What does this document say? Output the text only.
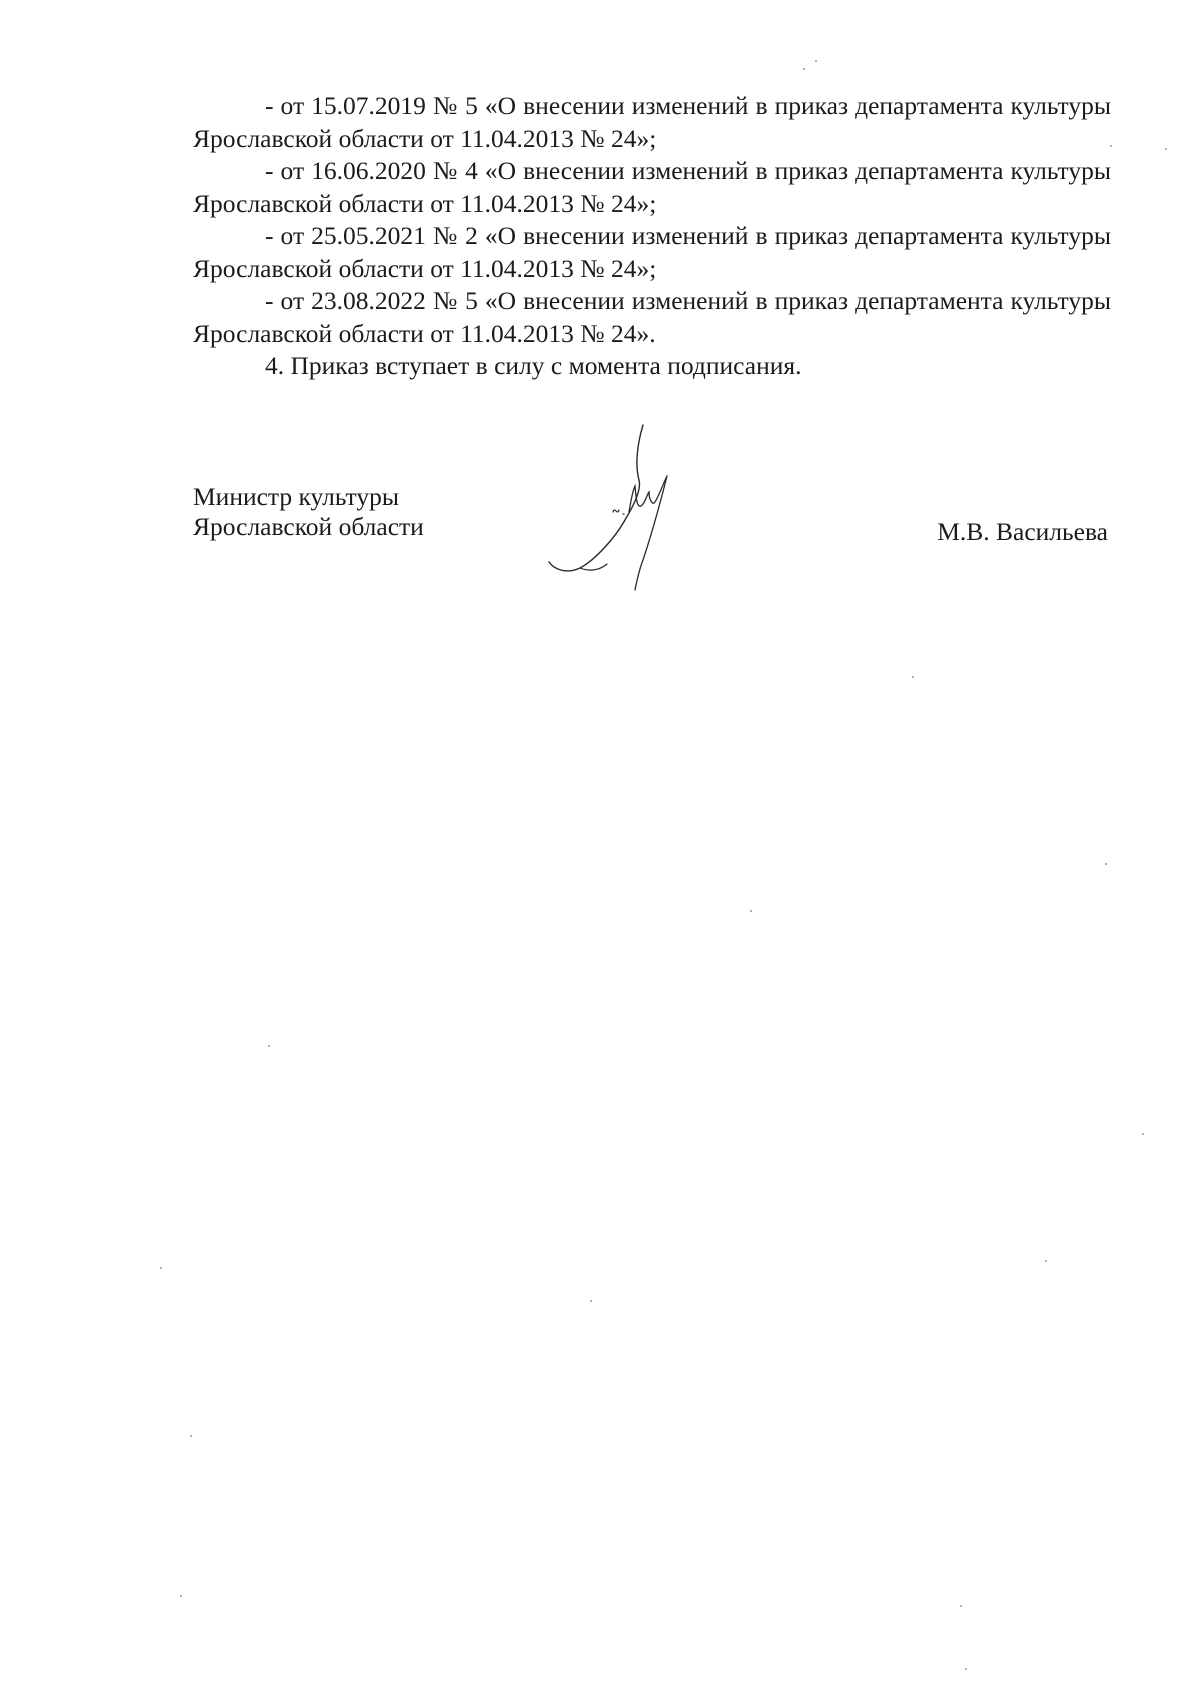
- от 15.07.2019 № 5 «О внесении изменений в приказ департамента культуры Ярославской области от 11.04.2013 № 24»;

- от 16.06.2020 № 4 «О внесении изменений в приказ департамента культуры Ярославской области от 11.04.2013 № 24»;

- от 25.05.2021 № 2 «О внесении изменений в приказ департамента культуры Ярославской области от 11.04.2013 № 24»;

- от 23.08.2022 № 5 «О внесении изменений в приказ департамента культуры Ярославской области от 11.04.2013 № 24».

4. Приказ вступает в силу с момента подписания.

Министр культуры
Ярославской области	М.В. Васильева
